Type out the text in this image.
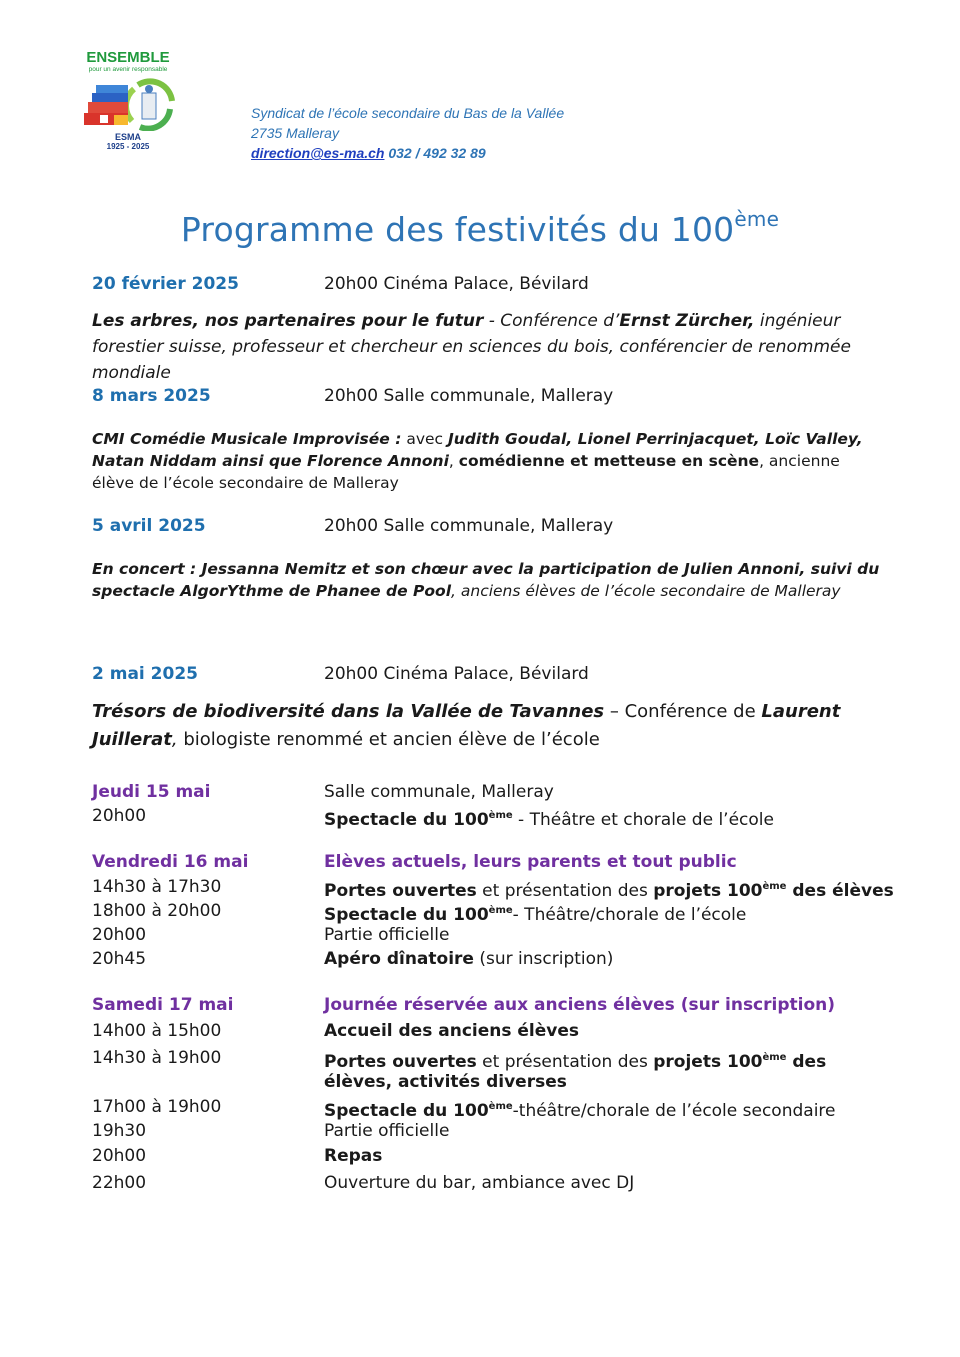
ENSEMBLE
pour un avenir responsable
ESMA
1925 - 2025
Syndicat de l’école secondaire du Bas de la Vallée
2735 Malleray
direction@es-ma.ch 032 / 492 32 89
Programme des festivités du 100ème
20 février 2025	20h00 Cinéma Palace, Bévilard
Les arbres, nos partenaires pour le futur - Conférence d’Ernst Zürcher, ingénieur forestier suisse, professeur et chercheur en sciences du bois, conférencier de renommée mondiale
8 mars 2025	20h00 Salle communale, Malleray
CMI Comédie Musicale Improvisée : avec Judith Goudal, Lionel Perrinjacquet, Loïc Valley, Natan Niddam ainsi que Florence Annoni, comédienne et metteuse en scène, ancienne élève de l’école secondaire de Malleray
5 avril 2025	20h00 Salle communale, Malleray
En concert : Jessanna Nemitz et son chœur avec la participation de Julien Annoni, suivi du spectacle AlgorYthme de Phanee de Pool, anciens élèves de l’école secondaire de Malleray
2 mai 2025	20h00 Cinéma Palace, Bévilard
Trésors de biodiversité dans la Vallée de Tavannes – Conférence de Laurent Juillerat, biologiste renommé et ancien élève de l’école
Jeudi 15 mai	Salle communale, Malleray
20h00	Spectacle du 100ème - Théâtre et chorale de l’école
Vendredi 16 mai	Elèves actuels, leurs parents et tout public
14h30 à 17h30	Portes ouvertes et présentation des projets 100ème des élèves
18h00 à 20h00	Spectacle du 100ème- Théâtre/chorale de l’école
20h00	Partie officielle
20h45	Apéro dînatoire (sur inscription)
Samedi 17 mai	Journée réservée aux anciens élèves (sur inscription)
14h00 à 15h00	Accueil des anciens élèves
14h30 à 19h00	Portes ouvertes et présentation des projets 100ème des
élèves, activités diverses
17h00 à 19h00	Spectacle du 100ème-théâtre/chorale de l’école secondaire
19h30	Partie officielle
20h00	Repas
22h00	Ouverture du bar, ambiance avec DJ
